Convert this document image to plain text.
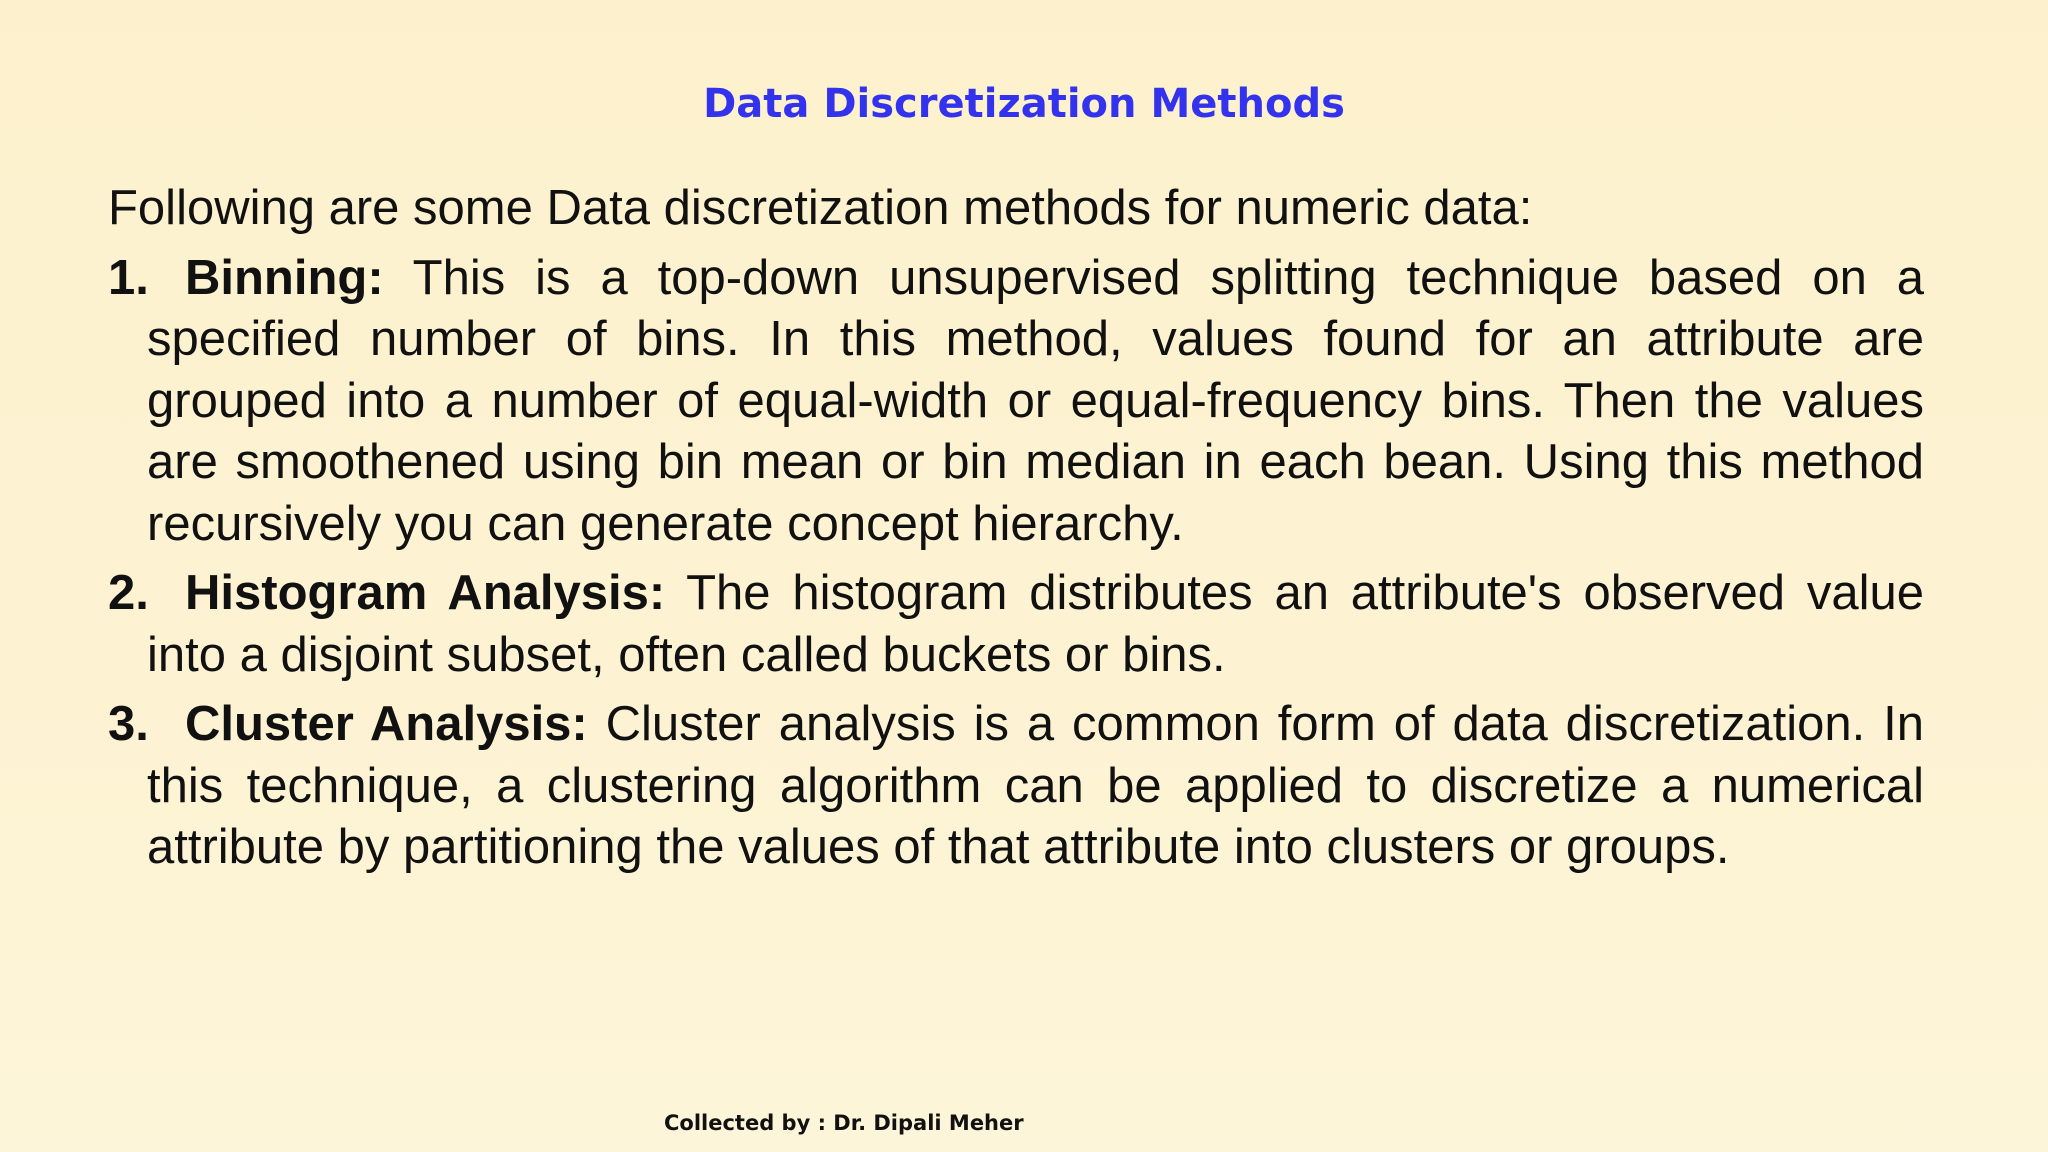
Data Discretization Methods
Following are some Data discretization methods for numeric data:
1. Binning: This is a top-down unsupervised splitting technique based on a specified number of bins. In this method, values found for an attribute are grouped into a number of equal-width or equal-frequency bins. Then the values are smoothened using bin mean or bin median in each bean. Using this method recursively you can generate concept hierarchy.
2. Histogram Analysis: The histogram distributes an attribute's observed value into a disjoint subset, often called buckets or bins.
3. Cluster Analysis: Cluster analysis is a common form of data discretization. In this technique, a clustering algorithm can be applied to discretize a numerical attribute by partitioning the values of that attribute into clusters or groups.
Collected by : Dr. Dipali Meher
